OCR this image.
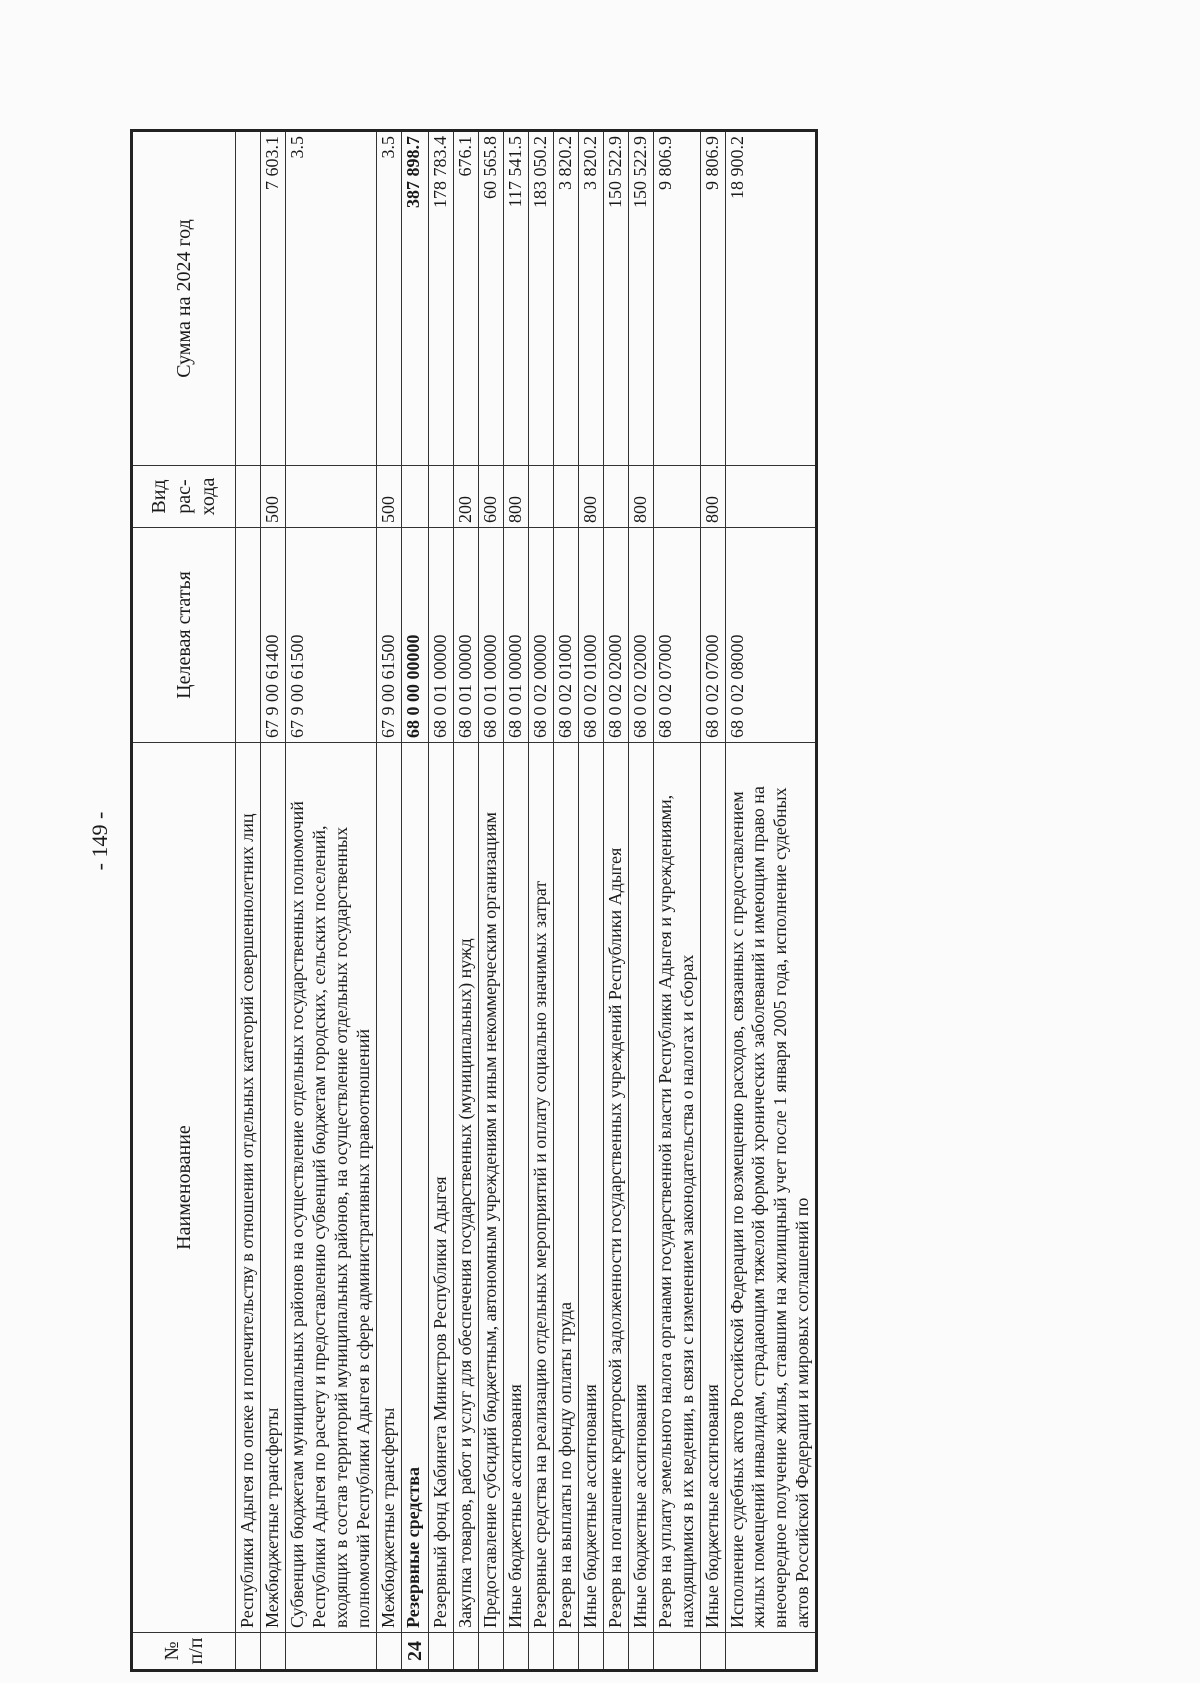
- 149 -
№ п/п	Наименование	Целевая статья	Вид рас- хода	Сумма на 2024 год
	Республики Адыгея по опеке и попечительству в отношении отдельных категорий совершеннолетних лиц			
	Межбюджетные трансферты	67 9 00 61400	500	7 603.1
	Субвенции бюджетам муниципальных районов на осуществление отдельных государственных полномочий Республики Адыгея по расчету и предоставлению субвенций бюджетам городских, сельских поселений, входящих в состав территорий муниципальных районов, на осуществление отдельных государственных полномочий Республики Адыгея в сфере административных правоотношений	67 9 00 61500		3.5
	Межбюджетные трансферты	67 9 00 61500	500	3.5
24	Резервные средства	68 0 00 00000		387 898.7
	Резервный фонд Кабинета Министров Республики Адыгея	68 0 01 00000		178 783.4
	Закупка товаров, работ и услуг для обеспечения государственных (муниципальных) нужд	68 0 01 00000	200	676.1
	Предоставление субсидий бюджетным, автономным учреждениям и иным некоммерческим организациям	68 0 01 00000	600	60 565.8
	Иные бюджетные ассигнования	68 0 01 00000	800	117 541.5
	Резервные средства на реализацию отдельных мероприятий и оплату социально значимых затрат	68 0 02 00000		183 050.2
	Резерв на выплаты по фонду оплаты труда	68 0 02 01000		3 820.2
	Иные бюджетные ассигнования	68 0 02 01000	800	3 820.2
	Резерв на погашение кредиторской задолженности государственных учреждений Республики Адыгея	68 0 02 02000		150 522.9
	Иные бюджетные ассигнования	68 0 02 02000	800	150 522.9
	Резерв на уплату земельного налога органами государственной власти Республики Адыгея и учреждениями, находящимися в их ведении, в связи с изменением законодательства о налогах и сборах	68 0 02 07000		9 806.9
	Иные бюджетные ассигнования	68 0 02 07000	800	9 806.9
	Исполнение судебных актов Российской Федерации по возмещению расходов, связанных с предоставлением жилых помещений инвалидам, страдающим тяжелой формой хронических заболеваний и имеющим право на внеочередное получение жилья, ставшим на жилищный учет после 1 января 2005 года, исполнение судебных актов Российской Федерации и мировых соглашений по	68 0 02 08000		18 900.2
